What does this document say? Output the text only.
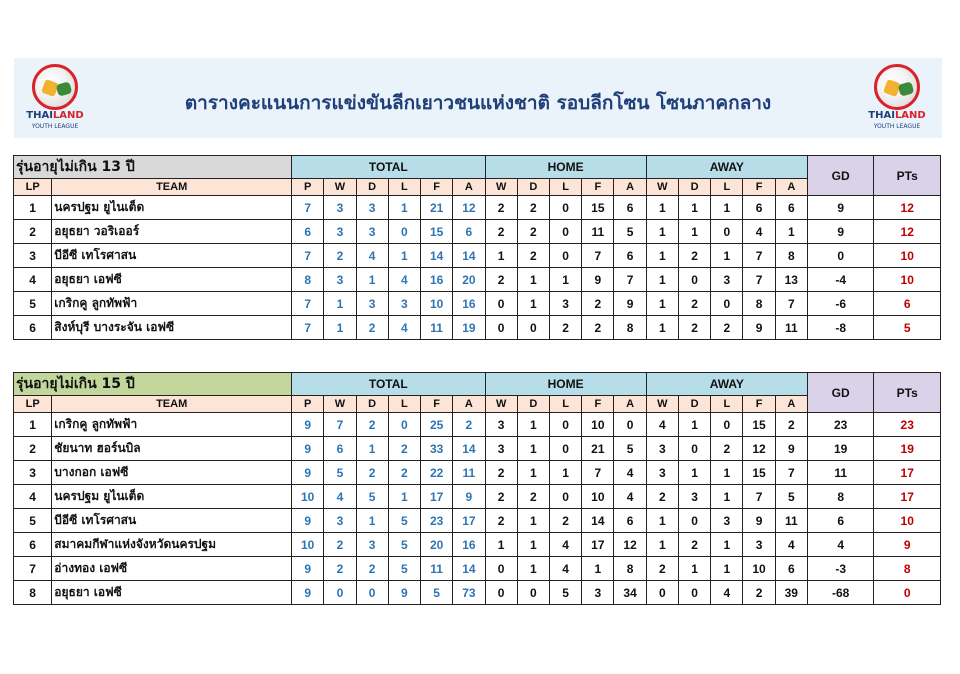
THAILAND
YOUTH LEAGUE
ตารางคะแนนการแข่งขันลีกเยาวชนแห่งชาติ รอบลีกโซน โซนภาคกลาง
THAILAND
YOUTH LEAGUE
รุ่นอายุไม่เกิน 13 ปี		TOTAL						HOME					AWAY					GD	PTs
LP	TEAM	P	W	D	L	F	A	W	D	L	F	A	W	D	L	F	A		
1	นครปฐม ยูไนเต็ด	7	3	3	1	21	12	2	2	0	15	6	1	1	1	6	6	9	12
2	อยุธยา วอริเออร์	6	3	3	0	15	6	2	2	0	11	5	1	1	0	4	1	9	12
3	บีอีซี เทโรศาสน	7	2	4	1	14	14	1	2	0	7	6	1	2	1	7	8	0	10
4	อยุธยา เอฟซี	8	3	1	4	16	20	2	1	1	9	7	1	0	3	7	13	-4	10
5	เกริกคู ลูกทัพฟ้า	7	1	3	3	10	16	0	1	3	2	9	1	2	0	8	7	-6	6
6	สิงห์บุรี บางระจัน เอฟซี	7	1	2	4	11	19	0	0	2	2	8	1	2	2	9	11	-8	5
รุ่นอายุไม่เกิน 15 ปี		TOTAL						HOME					AWAY					GD	PTs
LP	TEAM	P	W	D	L	F	A	W	D	L	F	A	W	D	L	F	A		
1	เกริกคู ลูกทัพฟ้า	9	7	2	0	25	2	3	1	0	10	0	4	1	0	15	2	23	23
2	ชัยนาท ฮอร์นบิล	9	6	1	2	33	14	3	1	0	21	5	3	0	2	12	9	19	19
3	บางกอก เอฟซี	9	5	2	2	22	11	2	1	1	7	4	3	1	1	15	7	11	17
4	นครปฐม ยูไนเต็ด	10	4	5	1	17	9	2	2	0	10	4	2	3	1	7	5	8	17
5	บีอีซี เทโรศาสน	9	3	1	5	23	17	2	1	2	14	6	1	0	3	9	11	6	10
6	สมาคมกีฬาแห่งจังหวัดนครปฐม	10	2	3	5	20	16	1	1	4	17	12	1	2	1	3	4	4	9
7	อ่างทอง เอฟซี	9	2	2	5	11	14	0	1	4	1	8	2	1	1	10	6	-3	8
8	อยุธยา เอฟซี	9	0	0	9	5	73	0	0	5	3	34	0	0	4	2	39	-68	0
